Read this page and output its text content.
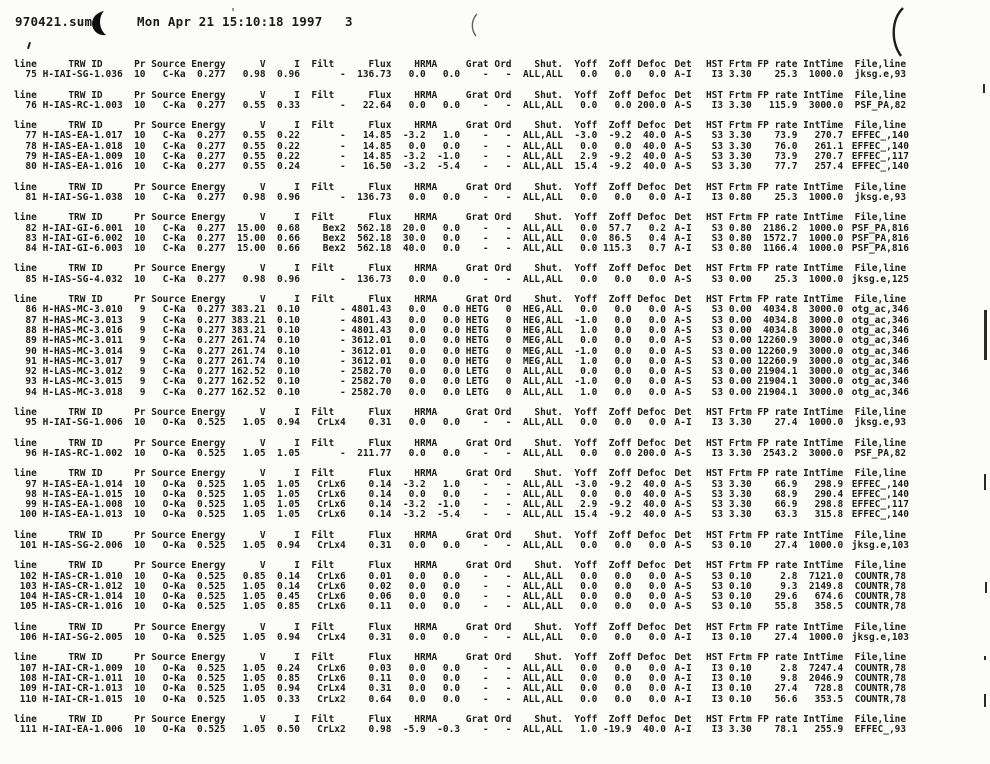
970421.sum	Mon Apr 21 15:10:18 1997 3
line	TRW ID	Pr Source Energy	V	I	Filt	Flux	HRMA	Grat Ord	Shut.	Yoff	Zoff Defoc Det	HST Frtm FP rate IntTime	File,line
75 H-IAI-SG-1.036	10	C-Ka	0.277	0.98	0.96	-	136.73	0.0	0.0	-	-	ALL,ALL	0.0	0.0	0.0 A-I	I3 3.30	25.3	1000.0	jksg.e,93
line	TRW ID	Pr Source Energy	V	I	Filt	Flux	HRMA	Grat Ord	Shut.	Yoff	Zoff Defoc Det	HST Frtm FP rate IntTime	File,line
76 H-IAS-RC-1.003	10	C-Ka	0.277	0.55	0.33	-	22.64	0.0	0.0	-	-	ALL,ALL	0.0	0.0 200.0 A-S	I3 3.30	115.9	3000.0	PSF_PA,82
line	TRW ID	Pr Source Energy	V	I	Filt	Flux	HRMA	Grat Ord	Shut.	Yoff	Zoff Defoc Det	HST Frtm FP rate IntTime	File,line
77 H-IAS-EA-1.017	10	C-Ka	0.277	0.55	0.22	-	14.85	-3.2	1.0	-	-	ALL,ALL	-3.0	-9.2	40.0 A-S	S3 3.30	73.9	270.7 EFFEC_,140
78 H-IAS-EA-1.018	10	C-Ka	0.277	0.55	0.22	-	14.85	0.0	0.0	-	-	ALL,ALL	0.0	0.0	40.0 A-S	S3 3.30	76.0	261.1 EFFEC_,140
79 H-IAS-EA-1.009	10	C-Ka	0.277	0.55	0.22	-	14.85	-3.2	-1.0	-	-	ALL,ALL	2.9	-9.2	40.0 A-S	S3 3.30	73.9	270.7 EFFEC_,117
80 H-IAS-EA-1.016	10	C-Ka	0.277	0.55	0.24	-	16.50	-3.2	-5.4	-	-	ALL,ALL	15.4	-9.2	40.0 A-S	S3 3.30	77.7	257.4 EFFEC_,140
line	TRW ID	Pr Source Energy	V	I	Filt	Flux	HRMA	Grat Ord	Shut.	Yoff	Zoff Defoc Det	HST Frtm FP rate IntTime	File,line
81 H-IAI-SG-1.038	10	C-Ka	0.277	0.98	0.96	-	136.73	0.0	0.0	-	-	ALL,ALL	0.0	0.0	0.0 A-I	I3 0.80	25.3	1000.0	jksg.e,93
line	TRW ID	Pr Source Energy	V	I	Filt	Flux	HRMA	Grat Ord	Shut.	Yoff	Zoff Defoc Det	HST Frtm FP rate IntTime	File,line
82 H-IAI-GI-6.001	10	C-Ka	0.277	15.00	0.68	Bex2	562.18	20.0	0.0	-	-	ALL,ALL	0.0	57.7	0.2 A-I	S3 0.80	2186.2	1000.0 PSF_PA,816
83 H-IAI-GI-6.002	10	C-Ka	0.277	15.00	0.66	Bex2	562.18	30.0	0.0	-	-	ALL,ALL	0.0	86.5	0.4 A-I	S3 0.80	1572.7	1000.0 PSF_PA,816
84 H-IAI-GI-6.003	10	C-Ka	0.277	15.00	0.66	Bex2	562.18	40.0	0.0	-	-	ALL,ALL	0.0 115.3	0.7 A-I	S3 0.80	1166.4	1000.0 PSF_PA,816
line	TRW ID	Pr Source Energy	V	I	Filt	Flux	HRMA	Grat Ord	Shut.	Yoff	Zoff Defoc Det	HST Frtm FP rate IntTime	File,line
85 H-IAS-SG-4.032	10	C-Ka	0.277	0.98	0.96	-	136.73	0.0	0.0	-	-	ALL,ALL	0.0	0.0	0.0 A-S	S3 0.00	25.3	1000.0 jksg.e,125
line	TRW ID	Pr Source Energy	V	I	Filt	Flux	HRMA	Grat Ord	Shut.	Yoff	Zoff Defoc Det	HST Frtm FP rate IntTime	File,line
86 H-HAS-MC-3.010	9	C-Ka	0.277 383.21	0.10	- 4801.43	0.0	0.0 HETG	0	HEG,ALL	0.0	0.0	0.0 A-S	S3 0.00	4034.8	3000.0 otg_ac,346
87 H-HAS-MC-3.013	9	C-Ka	0.277 383.21	0.10	- 4801.43	0.0	0.0 HETG	0	HEG,ALL	-1.0	0.0	0.0 A-S	S3 0.00	4034.8	3000.0 otg_ac,346
88 H-HAS-MC-3.016	9	C-Ka	0.277 383.21	0.10	- 4801.43	0.0	0.0 HETG	0	HEG,ALL	1.0	0.0	0.0 A-S	S3 0.00	4034.8	3000.0 otg_ac,346
89 H-HAS-MC-3.011	9	C-Ka	0.277 261.74	0.10	- 3612.01	0.0	0.0 HETG	0	MEG,ALL	0.0	0.0	0.0 A-S	S3 0.00 12260.9	3000.0 otg_ac,346
90 H-HAS-MC-3.014	9	C-Ka	0.277 261.74	0.10	- 3612.01	0.0	0.0 HETG	0	MEG,ALL	-1.0	0.0	0.0 A-S	S3 0.00 12260.9	3000.0 otg_ac,346
91 H-HAS-MC-3.017	9	C-Ka	0.277 261.74	0.10	- 3612.01	0.0	0.0 HETG	0	MEG,ALL	1.0	0.0	0.0 A-S	S3 0.00 12260.9	3000.0 otg_ac,346
92 H-LAS-MC-3.012	9	C-Ka	0.277 162.52	0.10	- 2582.70	0.0	0.0 LETG	0	ALL,ALL	0.0	0.0	0.0 A-S	S3 0.00 21904.1	3000.0 otg_ac,346
93 H-LAS-MC-3.015	9	C-Ka	0.277 162.52	0.10	- 2582.70	0.0	0.0 LETG	0	ALL,ALL	-1.0	0.0	0.0 A-S	S3 0.00 21904.1	3000.0 otg_ac,346
94 H-LAS-MC-3.018	9	C-Ka	0.277 162.52	0.10	- 2582.70	0.0	0.0 LETG	0	ALL,ALL	1.0	0.0	0.0 A-S	S3 0.00 21904.1	3000.0 otg_ac,346
line	TRW ID	Pr Source Energy	V	I	Filt	Flux	HRMA	Grat Ord	Shut.	Yoff	Zoff Defoc Det	HST Frtm FP rate IntTime	File,line
95 H-IAI-SG-1.006	10	O-Ka	0.525	1.05	0.94	CrLx4	0.31	0.0	0.0	-	-	ALL,ALL	0.0	0.0	0.0 A-I	I3 3.30	27.4	1000.0	jksg.e,93
line	TRW ID	Pr Source Energy	V	I	Filt	Flux	HRMA	Grat Ord	Shut.	Yoff	Zoff Defoc Det	HST Frtm FP rate IntTime	File,line
96 H-IAS-RC-1.002	10	O-Ka	0.525	1.05	1.05	-	211.77	0.0	0.0	-	-	ALL,ALL	0.0	0.0 200.0 A-S	I3 3.30	2543.2	3000.0	PSF_PA,82
line	TRW ID	Pr Source Energy	V	I	Filt	Flux	HRMA	Grat Ord	Shut.	Yoff	Zoff Defoc Det	HST Frtm FP rate IntTime	File,line
97 H-IAS-EA-1.014	10	O-Ka	0.525	1.05	1.05	CrLx6	0.14	-3.2	1.0	-	-	ALL,ALL	-3.0	-9.2	40.0 A-S	S3 3.30	66.9	298.9 EFFEC_,140
98 H-IAS-EA-1.015	10	O-Ka	0.525	1.05	1.05	CrLx6	0.14	0.0	0.0	-	-	ALL,ALL	0.0	0.0	40.0 A-S	S3 3.30	68.9	290.4 EFFEC_,140
99 H-IAS-EA-1.008	10	O-Ka	0.525	1.05	1.05	CrLx6	0.14	-3.2	-1.0	-	-	ALL,ALL	2.9	-9.2	40.0 A-S	S3 3.30	66.9	298.8 EFFEC_,117
100 H-IAS-EA-1.013	10	O-Ka	0.525	1.05	1.05	CrLx6	0.14	-3.2	-5.4	-	-	ALL,ALL	15.4	-9.2	40.0 A-S	S3 3.30	63.3	315.8 EFFEC_,140
line	TRW ID	Pr Source Energy	V	I	Filt	Flux	HRMA	Grat Ord	Shut.	Yoff	Zoff Defoc Det	HST Frtm FP rate IntTime	File,line
101 H-IAS-SG-2.006	10	O-Ka	0.525	1.05	0.94	CrLx4	0.31	0.0	0.0	-	-	ALL,ALL	0.0	0.0	0.0 A-S	S3 0.10	27.4	1000.0 jksg.e,103
line	TRW ID	Pr Source Energy	V	I	Filt	Flux	HRMA	Grat Ord	Shut.	Yoff	Zoff Defoc Det	HST Frtm FP rate IntTime	File,line
102 H-IAS-CR-1.010	10	O-Ka	0.525	0.85	0.14	CrLx6	0.01	0.0	0.0	-	-	ALL,ALL	0.0	0.0	0.0 A-S	S3 0.10	2.8	7121.0	COUNTR,78
103 H-IAS-CR-1.012	10	O-Ka	0.525	1.05	0.14	CrLx6	0.02	0.0	0.0	-	-	ALL,ALL	0.0	0.0	0.0 A-S	S3 0.10	9.3	2149.8	COUNTR,78
104 H-IAS-CR-1.014	10	O-Ka	0.525	1.05	0.45	CrLx6	0.06	0.0	0.0	-	-	ALL,ALL	0.0	0.0	0.0 A-S	S3 0.10	29.6	674.6	COUNTR,78
105 H-IAS-CR-1.016	10	O-Ka	0.525	1.05	0.85	CrLx6	0.11	0.0	0.0	-	-	ALL,ALL	0.0	0.0	0.0 A-S	S3 0.10	55.8	358.5	COUNTR,78
line	TRW ID	Pr Source Energy	V	I	Filt	Flux	HRMA	Grat Ord	Shut.	Yoff	Zoff Defoc Det	HST Frtm FP rate IntTime	File,line
106 H-IAI-SG-2.005	10	O-Ka	0.525	1.05	0.94	CrLx4	0.31	0.0	0.0	-	-	ALL,ALL	0.0	0.0	0.0 A-I	I3 0.10	27.4	1000.0 jksg.e,103
line	TRW ID	Pr Source Energy	V	I	Filt	Flux	HRMA	Grat Ord	Shut.	Yoff	Zoff Defoc Det	HST Frtm FP rate IntTime	File,line
107 H-IAI-CR-1.009	10	O-Ka	0.525	1.05	0.24	CrLx6	0.03	0.0	0.0	-	-	ALL,ALL	0.0	0.0	0.0 A-I	I3 0.10	2.8	7247.4	COUNTR,78
108 H-IAI-CR-1.011	10	O-Ka	0.525	1.05	0.85	CrLx6	0.11	0.0	0.0	-	-	ALL,ALL	0.0	0.0	0.0 A-I	I3 0.10	9.8	2046.9	COUNTR,78
109 H-IAI-CR-1.013	10	O-Ka	0.525	1.05	0.94	CrLx4	0.31	0.0	0.0	-	-	ALL,ALL	0.0	0.0	0.0 A-I	I3 0.10	27.4	728.8	COUNTR,78
110 H-IAI-CR-1.015	10	O-Ka	0.525	1.05	0.33	CrLx2	0.64	0.0	0.0	-	-	ALL,ALL	0.0	0.0	0.0 A-I	I3 0.10	56.6	353.5	COUNTR,78
line	TRW ID	Pr Source Energy	V	I	Filt	Flux	HRMA	Grat Ord	Shut.	Yoff	Zoff Defoc Det	HST Frtm FP rate IntTime	File,line
111 H-IAI-EA-1.006	10	O-Ka	0.525	1.05	0.50	CrLx2	0.98	-5.9	-0.3	-	-	ALL,ALL	1.0 -19.9	40.0 A-I	I3 3.30	78.1	255.9	EFFEC_,93
